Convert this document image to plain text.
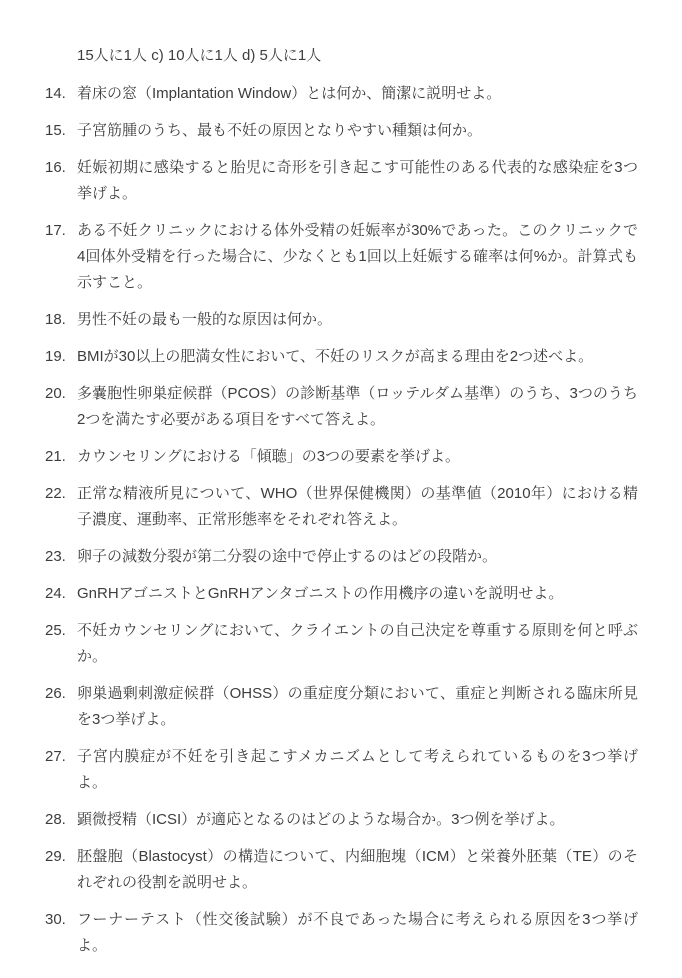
15人に1人 c) 10人に1人 d) 5人に1人
14. 着床の窓（Implantation Window）とは何か、簡潔に説明せよ。
15. 子宮筋腫のうち、最も不妊の原因となりやすい種類は何か。
16. 妊娠初期に感染すると胎児に奇形を引き起こす可能性のある代表的な感染症を3つ挙げよ。
17. ある不妊クリニックにおける体外受精の妊娠率が30%であった。このクリニックで4回体外受精を行った場合に、少なくとも1回以上妊娠する確率は何%か。計算式も示すこと。
18. 男性不妊の最も一般的な原因は何か。
19. BMIが30以上の肥満女性において、不妊のリスクが高まる理由を2つ述べよ。
20. 多嚢胞性卵巣症候群（PCOS）の診断基準（ロッテルダム基準）のうち、3つのうち2つを満たす必要がある項目をすべて答えよ。
21. カウンセリングにおける「傾聴」の3つの要素を挙げよ。
22. 正常な精液所見について、WHO（世界保健機関）の基準値（2010年）における精子濃度、運動率、正常形態率をそれぞれ答えよ。
23. 卵子の減数分裂が第二分裂の途中で停止するのはどの段階か。
24. GnRHアゴニストとGnRHアンタゴニストの作用機序の違いを説明せよ。
25. 不妊カウンセリングにおいて、クライエントの自己決定を尊重する原則を何と呼ぶか。
26. 卵巣過剰刺激症候群（OHSS）の重症度分類において、重症と判断される臨床所見を3つ挙げよ。
27. 子宮内膜症が不妊を引き起こすメカニズムとして考えられているものを3つ挙げよ。
28. 顕微授精（ICSI）が適応となるのはどのような場合か。3つ例を挙げよ。
29. 胚盤胞（Blastocyst）の構造について、内細胞塊（ICM）と栄養外胚葉（TE）のそれぞれの役割を説明せよ。
30. フーナーテスト（性交後試験）が不良であった場合に考えられる原因を3つ挙げよ。
